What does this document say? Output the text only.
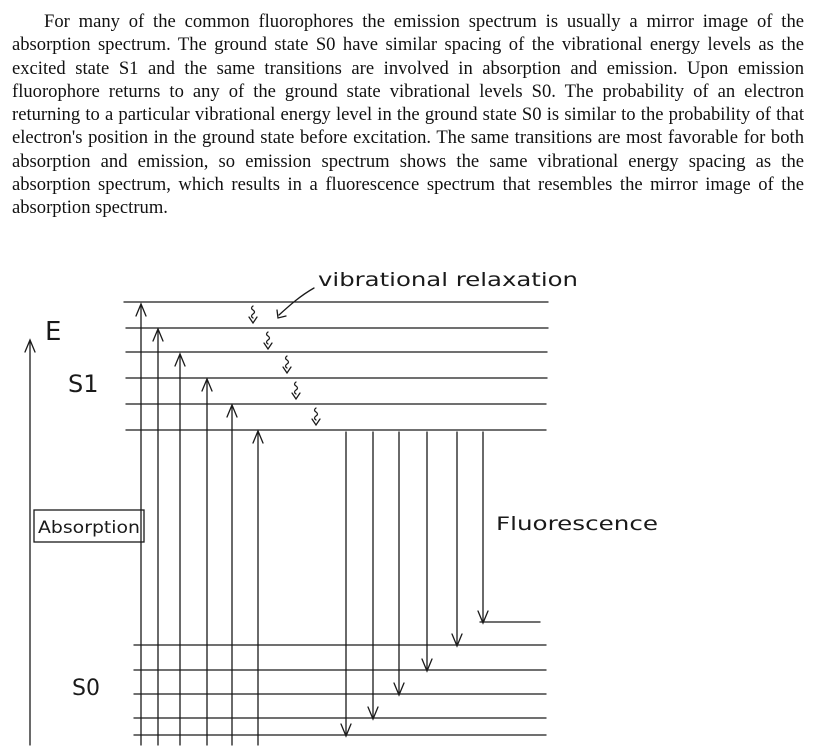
For many of the common fluorophores the emission spectrum is usually a mirror image of the absorption spectrum. The ground state S0 have similar spacing of the vibrational energy levels as the excited state S1 and the same transitions are involved in absorption and emission. Upon emission fluorophore returns to any of the ground state vibrational levels S0. The probability of an electron returning to a particular vibrational energy level in the ground state S0 is similar to the probability of that electron's position in the ground state before excitation. The same transitions are most favorable for both absorption and emission, so emission spectrum shows the same vibrational energy spacing as the absorption spectrum, which results in a fluorescence spectrum that resembles the mirror image of the absorption spectrum.

E
S1
S0
Absorption
vibrational relaxation
Fluorescence
